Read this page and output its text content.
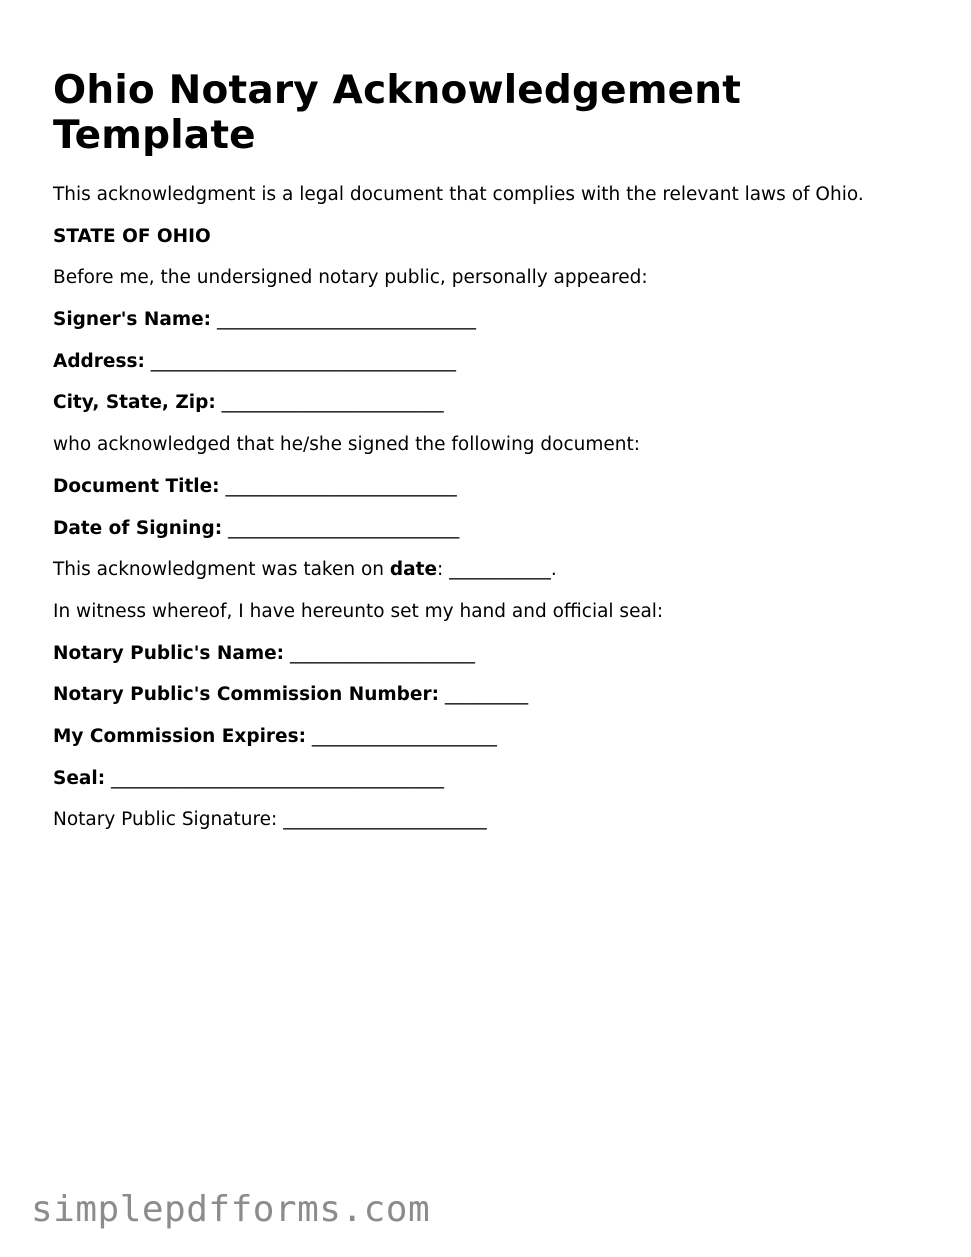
Ohio Notary Acknowledgement Template

This acknowledgment is a legal document that complies with the relevant laws of Ohio.

STATE OF OHIO

Before me, the undersigned notary public, personally appeared:

Signer's Name: ____________________________

Address: _________________________________

City, State, Zip: ________________________

who acknowledged that he/she signed the following document:

Document Title: _________________________

Date of Signing: _________________________

This acknowledgment was taken on date: ___________.

In witness whereof, I have hereunto set my hand and official seal:

Notary Public's Name: ____________________

Notary Public's Commission Number: _________

My Commission Expires: ____________________

Seal: ____________________________________

Notary Public Signature: ______________________

simplepdfforms.com
